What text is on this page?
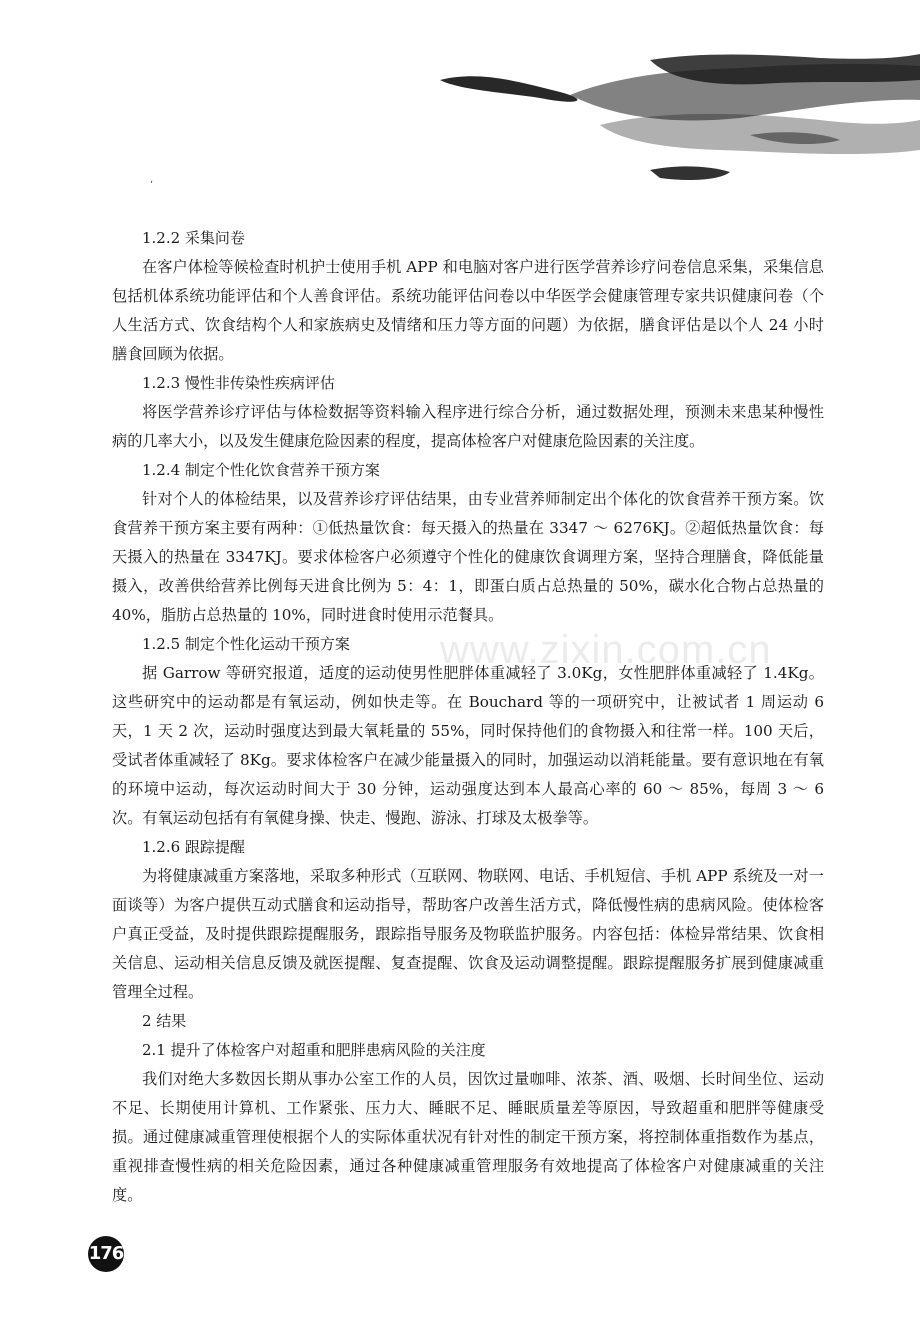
ʻ
www.zixin.com.cn

1.2.2 采集问卷

在客户体检等候检查时机护士使用手机 APP 和电脑对客户进行医学营养诊疗问卷信息采集，采集信息包括机体系统功能评估和个人善食评估。系统功能评估问卷以中华医学会健康管理专家共识健康问卷（个人生活方式、饮食结构个人和家族病史及情绪和压力等方面的问题）为依据，膳食评估是以个人 24 小时膳食回顾为依据。

1.2.3 慢性非传染性疾病评估

将医学营养诊疗评估与体检数据等资料输入程序进行综合分析，通过数据处理，预测未来患某种慢性病的几率大小，以及发生健康危险因素的程度，提高体检客户对健康危险因素的关注度。

1.2.4 制定个性化饮食营养干预方案

针对个人的体检结果，以及营养诊疗评估结果，由专业营养师制定出个体化的饮食营养干预方案。饮食营养干预方案主要有两种：①低热量饮食：每天摄入的热量在 3347 ～ 6276KJ。②超低热量饮食：每天摄入的热量在 3347KJ。要求体检客户必须遵守个性化的健康饮食调理方案，坚持合理膳食，降低能量摄入，改善供给营养比例每天进食比例为 5：4：1，即蛋白质占总热量的 50%，碳水化合物占总热量的 40%，脂肪占总热量的 10%，同时进食时使用示范餐具。

1.2.5 制定个性化运动干预方案

据 Garrow 等研究报道，适度的运动使男性肥胖体重减轻了 3.0Kg，女性肥胖体重减轻了 1.4Kg。这些研究中的运动都是有氧运动，例如快走等。在 Bouchard 等的一项研究中，让被试者 1 周运动 6 天，1 天 2 次，运动时强度达到最大氧耗量的 55%，同时保持他们的食物摄入和往常一样。100 天后，受试者体重减轻了 8Kg。要求体检客户在减少能量摄入的同时，加强运动以消耗能量。要有意识地在有氧的环境中运动，每次运动时间大于 30 分钟，运动强度达到本人最高心率的 60 ～ 85%，每周 3 ～ 6 次。有氧运动包括有有氧健身操、快走、慢跑、游泳、打球及太极拳等。

1.2.6 跟踪提醒

为将健康减重方案落地，采取多种形式（互联网、物联网、电话、手机短信、手机 APP 系统及一对一面谈等）为客户提供互动式膳食和运动指导，帮助客户改善生活方式，降低慢性病的患病风险。使体检客户真正受益，及时提供跟踪提醒服务，跟踪指导服务及物联监护服务。内容包括：体检异常结果、饮食相关信息、运动相关信息反馈及就医提醒、复查提醒、饮食及运动调整提醒。跟踪提醒服务扩展到健康减重管理全过程。

2 结果

2.1 提升了体检客户对超重和肥胖患病风险的关注度

我们对绝大多数因长期从事办公室工作的人员，因饮过量咖啡、浓茶、酒、吸烟、长时间坐位、运动不足、长期使用计算机、工作紧张、压力大、睡眠不足、睡眠质量差等原因，导致超重和肥胖等健康受损。通过健康减重管理使根据个人的实际体重状况有针对性的制定干预方案，将控制体重指数作为基点，重视排查慢性病的相关危险因素，通过各种健康减重管理服务有效地提高了体检客户对健康减重的关注度。

176
